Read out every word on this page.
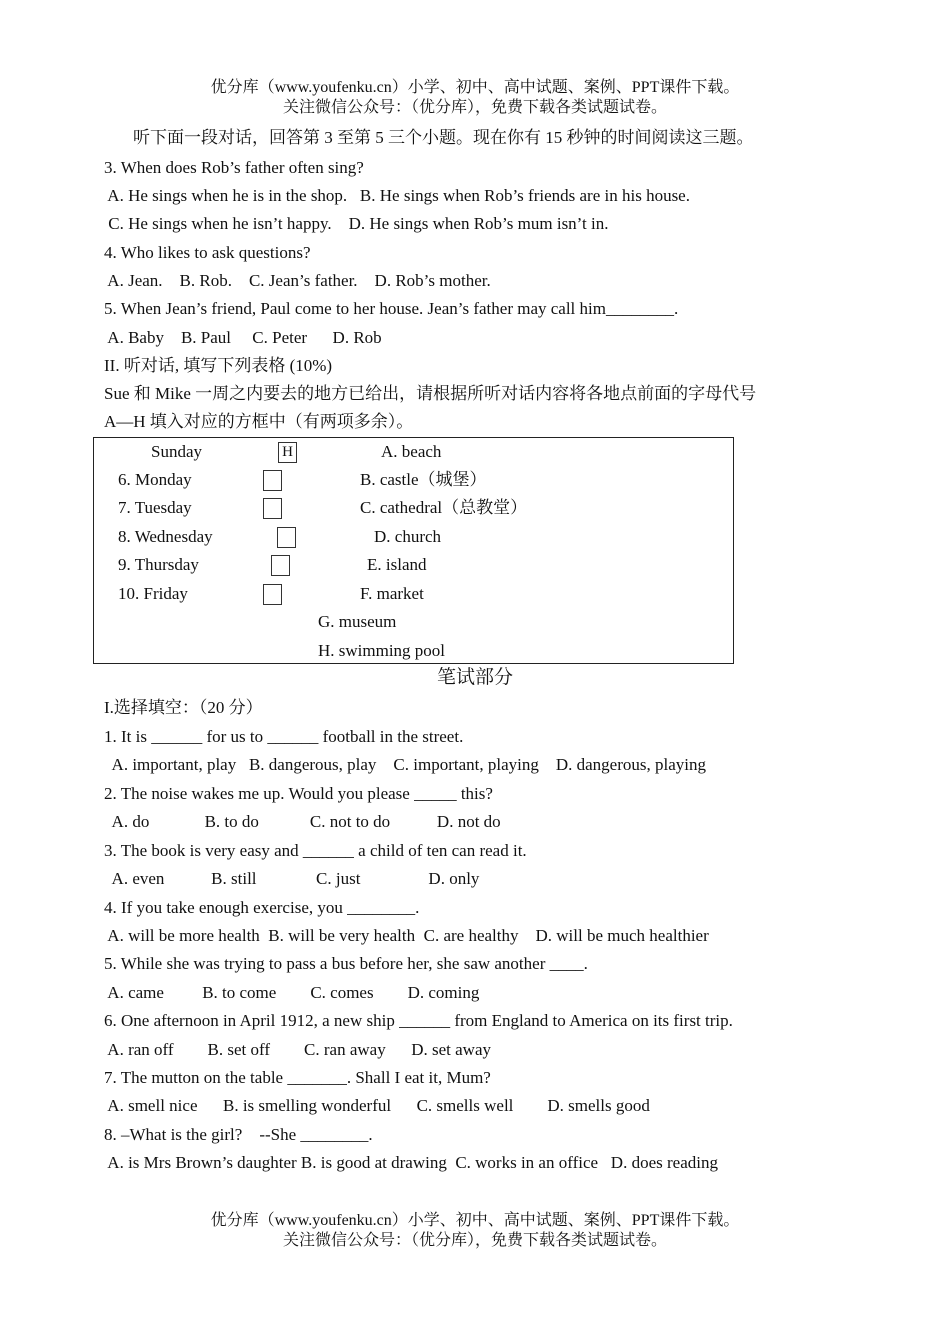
优分库（www.youfenku.cn）小学、初中、高中试题、案例、PPT课件下载。
关注微信公众号：（优分库），免费下载各类试题试卷。
听下面一段对话，回答第 3 至第 5 三个小题。现在你有 15 秒钟的时间阅读这三题。
3. When does Rob’s father often sing?
A. He sings when he is in the shop.   B. He sings when Rob’s friends are in his house.
C. He sings when he isn’t happy.    D. He sings when Rob’s mum isn’t in.
4. Who likes to ask questions?
A. Jean.    B. Rob.    C. Jean’s father.    D. Rob’s mother.
5. When Jean’s friend, Paul come to her house. Jean’s father may call him________.
A. Baby    B. Paul     C. Peter      D. Rob
II. 听对话, 填写下列表格 (10%)
Sue 和 Mike 一周之内要去的地方已给出，请根据所听对话内容将各地点前面的字母代号
A—H 填入对应的方框中（有两项多余）。
Sunday
6. Monday
7. Tuesday
8. Wednesday
9. Thursday
10. Friday
H	A. beach
B. castle（城堡）
C. cathedral（总教堂）
D. church
E. island
F. market
G. museum
H. swimming pool
笔试部分
I.选择填空：（20 分）
1. It is ______ for us to ______ football in the street.
A. important, play   B. dangerous, play    C. important, playing    D. dangerous, playing
2. The noise wakes me up. Would you please _____ this?
A. do             B. to do            C. not to do           D. not do
3. The book is very easy and ______ a child of ten can read it.
A. even           B. still              C. just                D. only
4. If you take enough exercise, you ________.
A. will be more health  B. will be very health  C. are healthy    D. will be much healthier
5. While she was trying to pass a bus before her, she saw another ____.
A. came         B. to come        C. comes        D. coming
6. One afternoon in April 1912, a new ship ______ from England to America on its first trip.
A. ran off        B. set off        C. ran away      D. set away
7. The mutton on the table _______. Shall I eat it, Mum?
A. smell nice      B. is smelling wonderful      C. smells well        D. smells good
8. –What is the girl?    --She ________.
A. is Mrs Brown’s daughter B. is good at drawing  C. works in an office   D. does reading
优分库（www.youfenku.cn）小学、初中、高中试题、案例、PPT课件下载。
关注微信公众号：（优分库），免费下载各类试题试卷。
